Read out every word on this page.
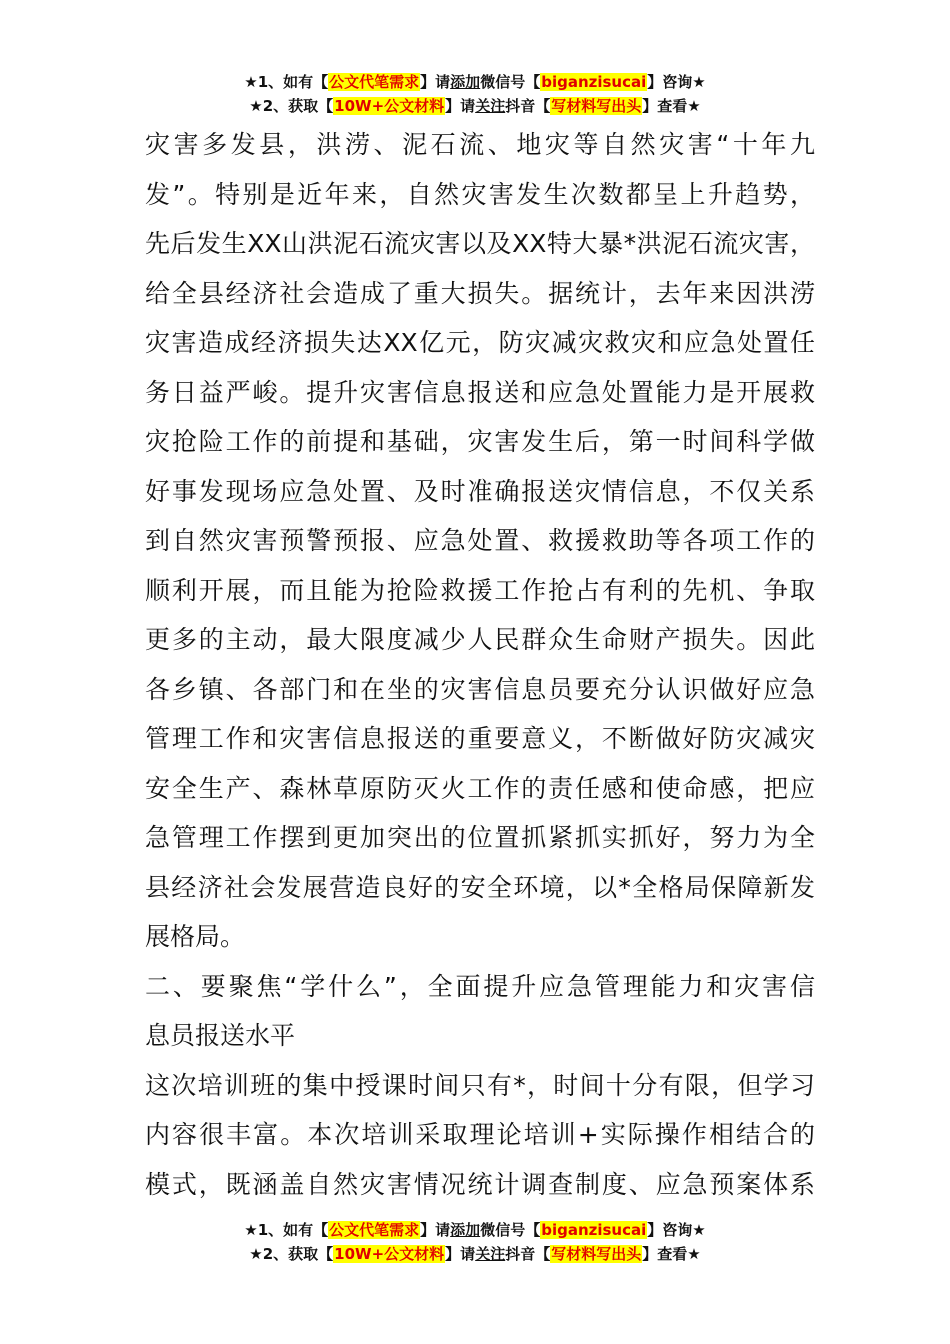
★1、如有【公文代笔需求】请添加微信号【biganzisucai】咨询★
★2、获取【10W+公文材料】请关注抖音【写材料写出头】查看★
灾害多发县，洪涝、泥石流、地灾等自然灾害“十年九
发”。特别是近年来，自然灾害发生次数都呈上升趋势，
先后发生XX山洪泥石流灾害以及XX特大暴*洪泥石流灾害，
给全县经济社会造成了重大损失。据统计，去年来因洪涝
灾害造成经济损失达XX亿元，防灾减灾救灾和应急处置任
务日益严峻。提升灾害信息报送和应急处置能力是开展救
灾抢险工作的前提和基础，灾害发生后，第一时间科学做
好事发现场应急处置、及时准确报送灾情信息，不仅关系
到自然灾害预警预报、应急处置、救援救助等各项工作的
顺利开展，而且能为抢险救援工作抢占有利的先机、争取
更多的主动，最大限度减少人民群众生命财产损失。因此
各乡镇、各部门和在坐的灾害信息员要充分认识做好应急
管理工作和灾害信息报送的重要意义，不断做好防灾减灾
安全生产、森林草原防灭火工作的责任感和使命感，把应
急管理工作摆到更加突出的位置抓紧抓实抓好，努力为全
县经济社会发展营造良好的安全环境，以*全格局保障新发
展格局。
二、要聚焦“学什么”，全面提升应急管理能力和灾害信
息员报送水平
这次培训班的集中授课时间只有*，时间十分有限，但学习
内容很丰富。本次培训采取理论培训+实际操作相结合的
模式，既涵盖自然灾害情况统计调查制度、应急预案体系
★1、如有【公文代笔需求】请添加微信号【biganzisucai】咨询★
★2、获取【10W+公文材料】请关注抖音【写材料写出头】查看★
